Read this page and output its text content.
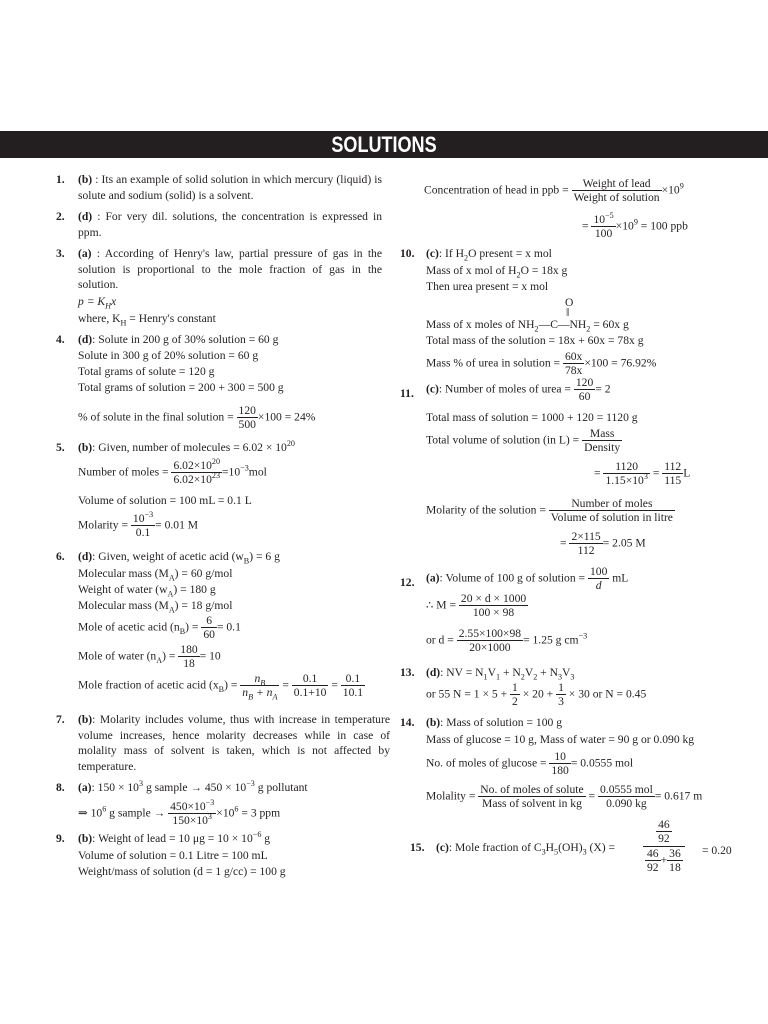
SOLUTIONS
1. (b) : Its an example of solid solution in which mercury (liquid) is solute and sodium (solid) is a solvent.
2. (d) : For very dil. solutions, the concentration is expressed in ppm.
3. (a) : According of Henry's law, partial pressure of gas in the solution is proportional to the mole fraction of gas in the solution.
$p = K_Hx$
where, $K_H$ = Henry's constant
4. (d): Solute in 200 g of 30% solution = 60 g
Solute in 300 g of 20% solution = 60 g
Total grams of solute = 120 g
Total grams of solution = 200 + 300 = 500 g
% of solute in the final solution = $\frac{120}{500} \times 100 = 24\%$
5. (b): Given, number of molecules = $6.02 \times 10^{20}$
Number of moles = $\frac{6.02\times 10^{20}}{6.02\times 10^{23}} =10^{-3}mol$
Volume of solution = 100 mL = 0.1 L
Molarity = $\frac{10^{-3}}{0.1} = 0.01$ M
6. (d): Given, weight of acetic acid $(w_B) = 6$ g
Molecular mass $(M_A) = 60$ g/mol
Weight of water $(w_A) = 180$ g
Molecular mass $(M_A) = 18$ g/mol
Mole of acetic acid $(n_B) = \frac{6}{60} = 0.1$
Mole of water $(n_A) = \frac{180}{18} = 10$
Mole fraction of acetic acid $(x_B) = \frac{n_B}{n_B + n_A} = \frac{0.1}{0.1+10} = \frac{0.1}{10.1}$
7. (b): Molarity includes volume, thus with increase in temperature volume increases, hence molarity decreases while in case of molality mass of solvent is taken, which is not affected by temperature.
8. (a): $150 \times 10^3$ g sample → $450 \times 10^{-3}$ g pollutant
⇒ $10^6$ g sample → $\frac{450\times 10^{-3}}{150\times 10^3} \times 10^6 = 3$ ppm
9. (b): Weight of lead = 10 $\mu g = 10 \times 10^{-6}$ g
Volume of solution = 0.1 Litre = 100 mL
Weight/mass of solution (d = 1 g/cc) = 100 g
Concentration of head in ppb = $\frac{\text{Weight of lead}}{\text{Weight of solution}} \times 10^9$
= $\frac{10^{-5}}{100} \times 10^9 = 100$ ppb
10. (c): If $H_2O$ present = x mol
Mass of x mol of $H_2O = 18x$ g
Then urea present = x mol
O
‖
Mass of x moles of $NH_2—C—NH_2 = 60x$ g
Total mass of the solution = 18x + 60x = 78x g
Mass % of urea in solution = $\frac{60x}{78x} \times 100 = 76.92\%$
11. (c): Number of moles of urea = $\frac{120}{60} = 2$
Total mass of solution = 1000 + 120 = 1120 g
Total volume of solution (in $L) = \frac{\text{Mass}}{\text{Density}}$
= $\frac{1120}{1.15\times 10^3} = \frac{112}{115}$ L
Molarity of the solution = $\frac{\text{Number of moles}}{\text{Volume of solution in litre}}$
= $\frac{2\times 115}{112} = 2.05$ M
12. (a): Volume of 100 g of solution = $\frac{100}{d}$ mL
∴ $M = \frac{20 \times d \times 1000}{100 \times 98}$
or $d = \frac{2.55\times 100\times 98}{20\times 1000} = 1.25$ g $cm^{-3}$
13. (d): NV = $N_1V_1 + N_2V_2 + N_3V_3$
or 55 $N = 1 \times 5 + \frac{1}{2} \times 20 + \frac{1}{3} \times 30$ or N = 0.45
14. (b): Mass of solution = 100 g
Mass of glucose = 10 g, Mass of water = 90 g or 0.090 kg
No. of moles of $glucose = \frac{10}{180} = 0.0555$ mol
Molality = $\frac{\text{No. of moles of solute}}{\text{Mass of solvent in kg}} = \frac{\text{0.0555 mol}}{0.090 kg} = 0.617$ m
15. (c): Mole fraction of $C_3H_5(OH)_3$ $(X) = \frac{\frac{46}{92}}{\frac{46}{92} + \frac{36}{18}} = 0.20$
